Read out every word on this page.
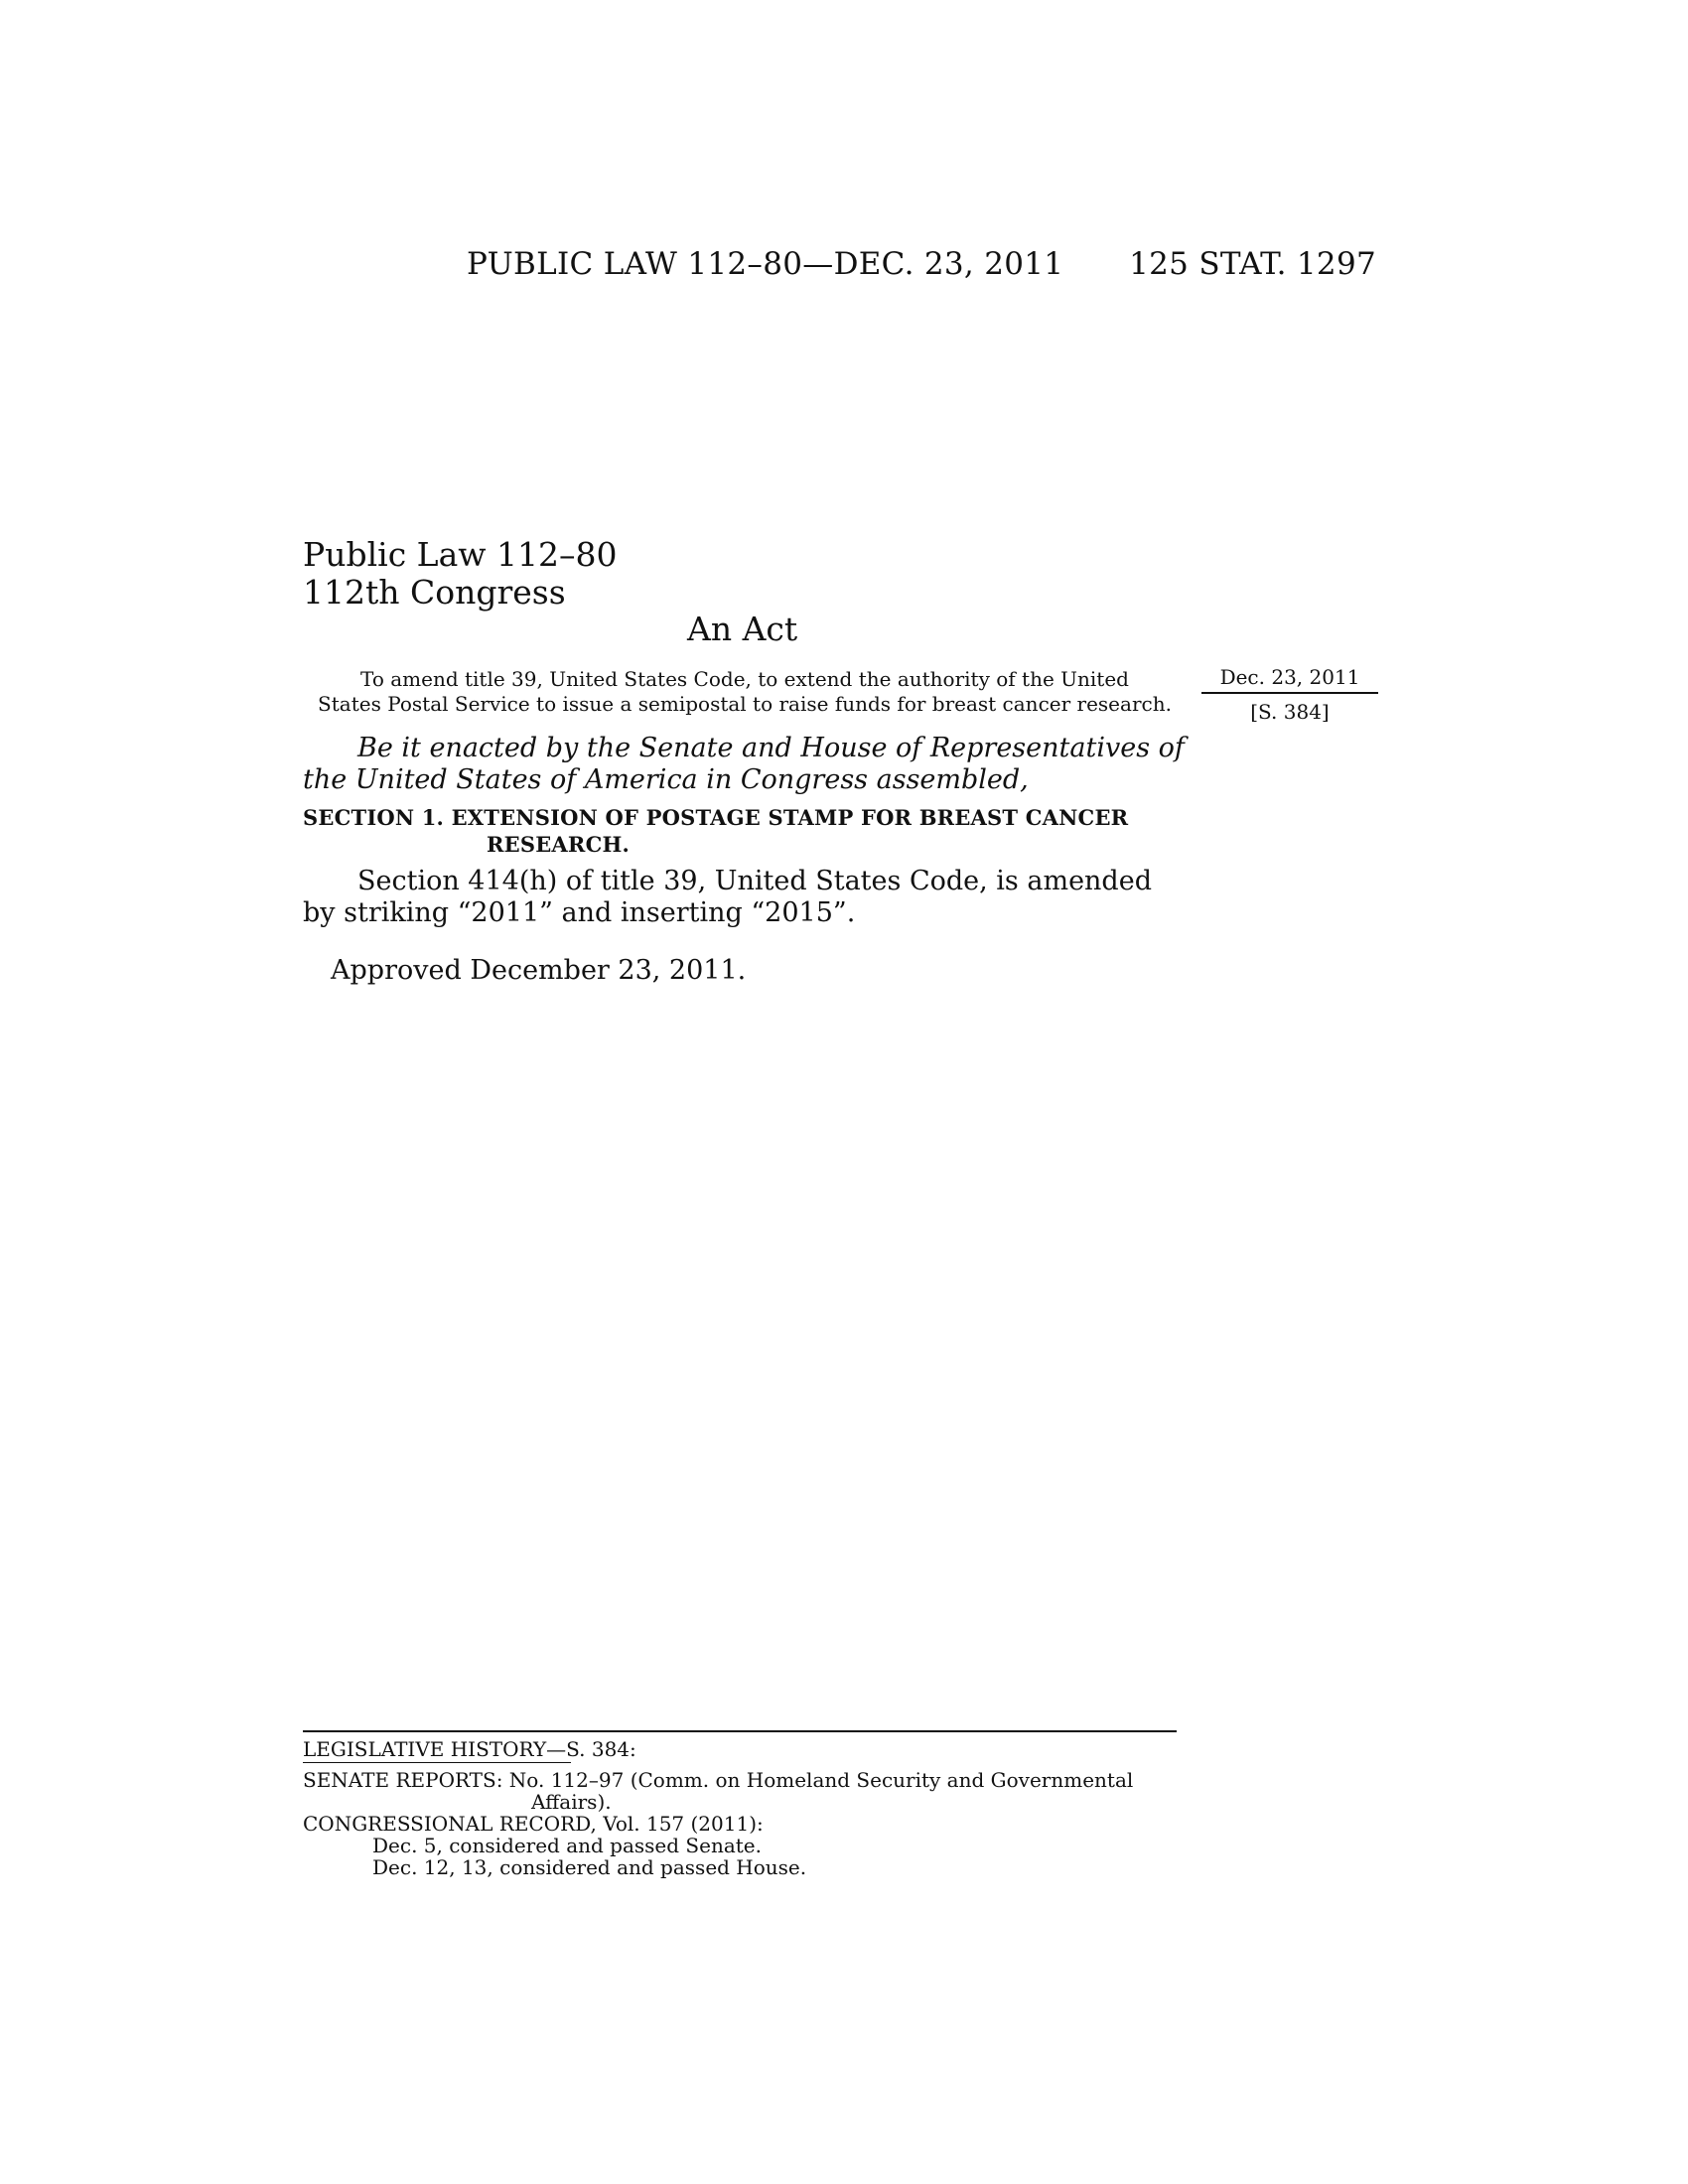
PUBLIC LAW 112–80—DEC. 23, 2011 125 STAT. 1297
Public Law 112–80
112th Congress
An Act
To amend title 39, United States Code, to extend the authority of the United
States Postal Service to issue a semipostal to raise funds for breast cancer research.
Dec. 23, 2011
[S. 384]
Be it enacted by the Senate and House of Representatives of
the United States of America in Congress assembled,
SECTION 1. EXTENSION OF POSTAGE STAMP FOR BREAST CANCER
RESEARCH.
Section 414(h) of title 39, United States Code, is amended
by striking “2011” and inserting “2015”.
Approved December 23, 2011.
LEGISLATIVE HISTORY—S. 384:
SENATE REPORTS: No. 112–97 (Comm. on Homeland Security and Governmental
Affairs).
CONGRESSIONAL RECORD, Vol. 157 (2011):
Dec. 5, considered and passed Senate.
Dec. 12, 13, considered and passed House.
